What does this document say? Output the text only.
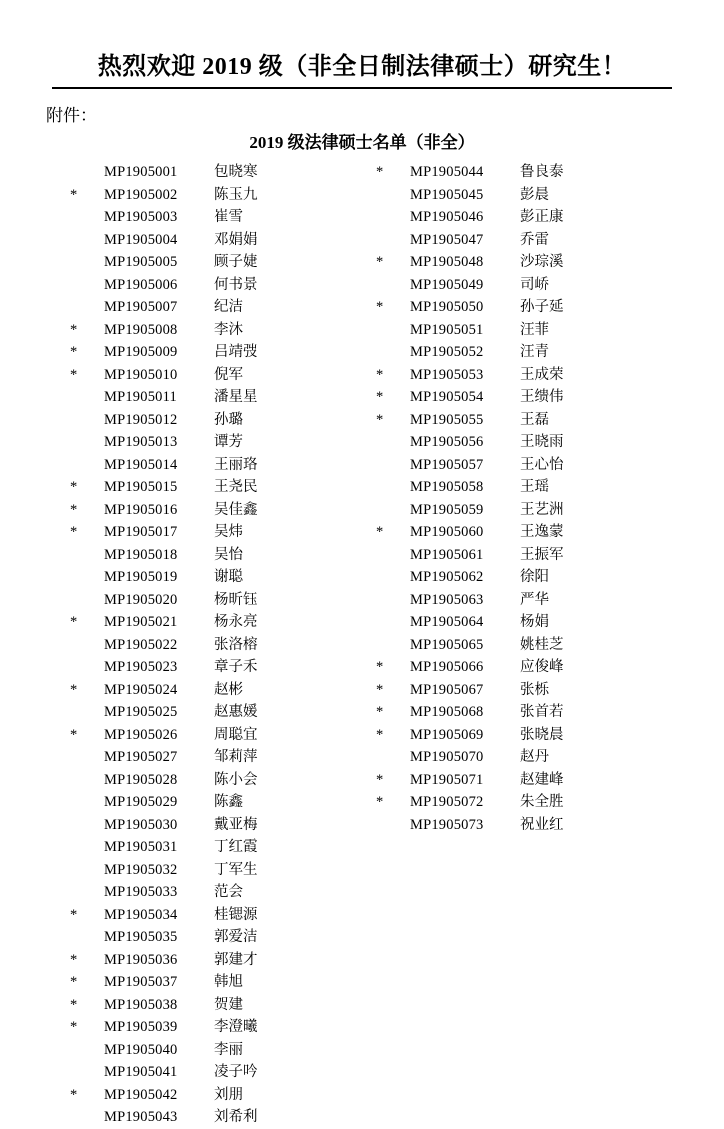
热烈欢迎 2019 级（非全日制法律硕士）研究生！
附件：
2019 级法律硕士名单（非全）
	MP1905001	包晓寒
*	MP1905002	陈玉九
	MP1905003	崔雪
	MP1905004	邓娟娟
	MP1905005	顾子婕
	MP1905006	何书景
	MP1905007	纪洁
*	MP1905008	李沐
*	MP1905009	吕靖弢
*	MP1905010	倪军
	MP1905011	潘星星
	MP1905012	孙璐
	MP1905013	谭芳
	MP1905014	王丽珞
*	MP1905015	王尧民
*	MP1905016	吴佳鑫
*	MP1905017	吴炜
	MP1905018	吴怡
	MP1905019	谢聪
	MP1905020	杨昕钰
*	MP1905021	杨永亮
	MP1905022	张洛榕
	MP1905023	章子禾
*	MP1905024	赵彬
	MP1905025	赵惠媛
*	MP1905026	周聪宜
	MP1905027	邹莉萍
	MP1905028	陈小会
	MP1905029	陈鑫
	MP1905030	戴亚梅
	MP1905031	丁红霞
	MP1905032	丁军生
	MP1905033	范会
*	MP1905034	桂锶源
	MP1905035	郭爱洁
*	MP1905036	郭建才
*	MP1905037	韩旭
*	MP1905038	贺建
*	MP1905039	李澄曦
	MP1905040	李丽
	MP1905041	凌子吟
*	MP1905042	刘朋
	MP1905043	刘希利
*	MP1905044	鲁良泰
	MP1905045	彭晨
	MP1905046	彭正康
	MP1905047	乔雷
*	MP1905048	沙琮溪
	MP1905049	司峤
*	MP1905050	孙子延
	MP1905051	汪菲
	MP1905052	汪青
*	MP1905053	王成荣
*	MP1905054	王缋伟
*	MP1905055	王磊
	MP1905056	王晓雨
	MP1905057	王心怡
	MP1905058	王瑶
	MP1905059	王艺洲
*	MP1905060	王逸蒙
	MP1905061	王振军
	MP1905062	徐阳
	MP1905063	严华
	MP1905064	杨娟
	MP1905065	姚桂芝
*	MP1905066	应俊峰
*	MP1905067	张栎
*	MP1905068	张首若
*	MP1905069	张晓晨
	MP1905070	赵丹
*	MP1905071	赵建峰
*	MP1905072	朱全胜
	MP1905073	祝业红
